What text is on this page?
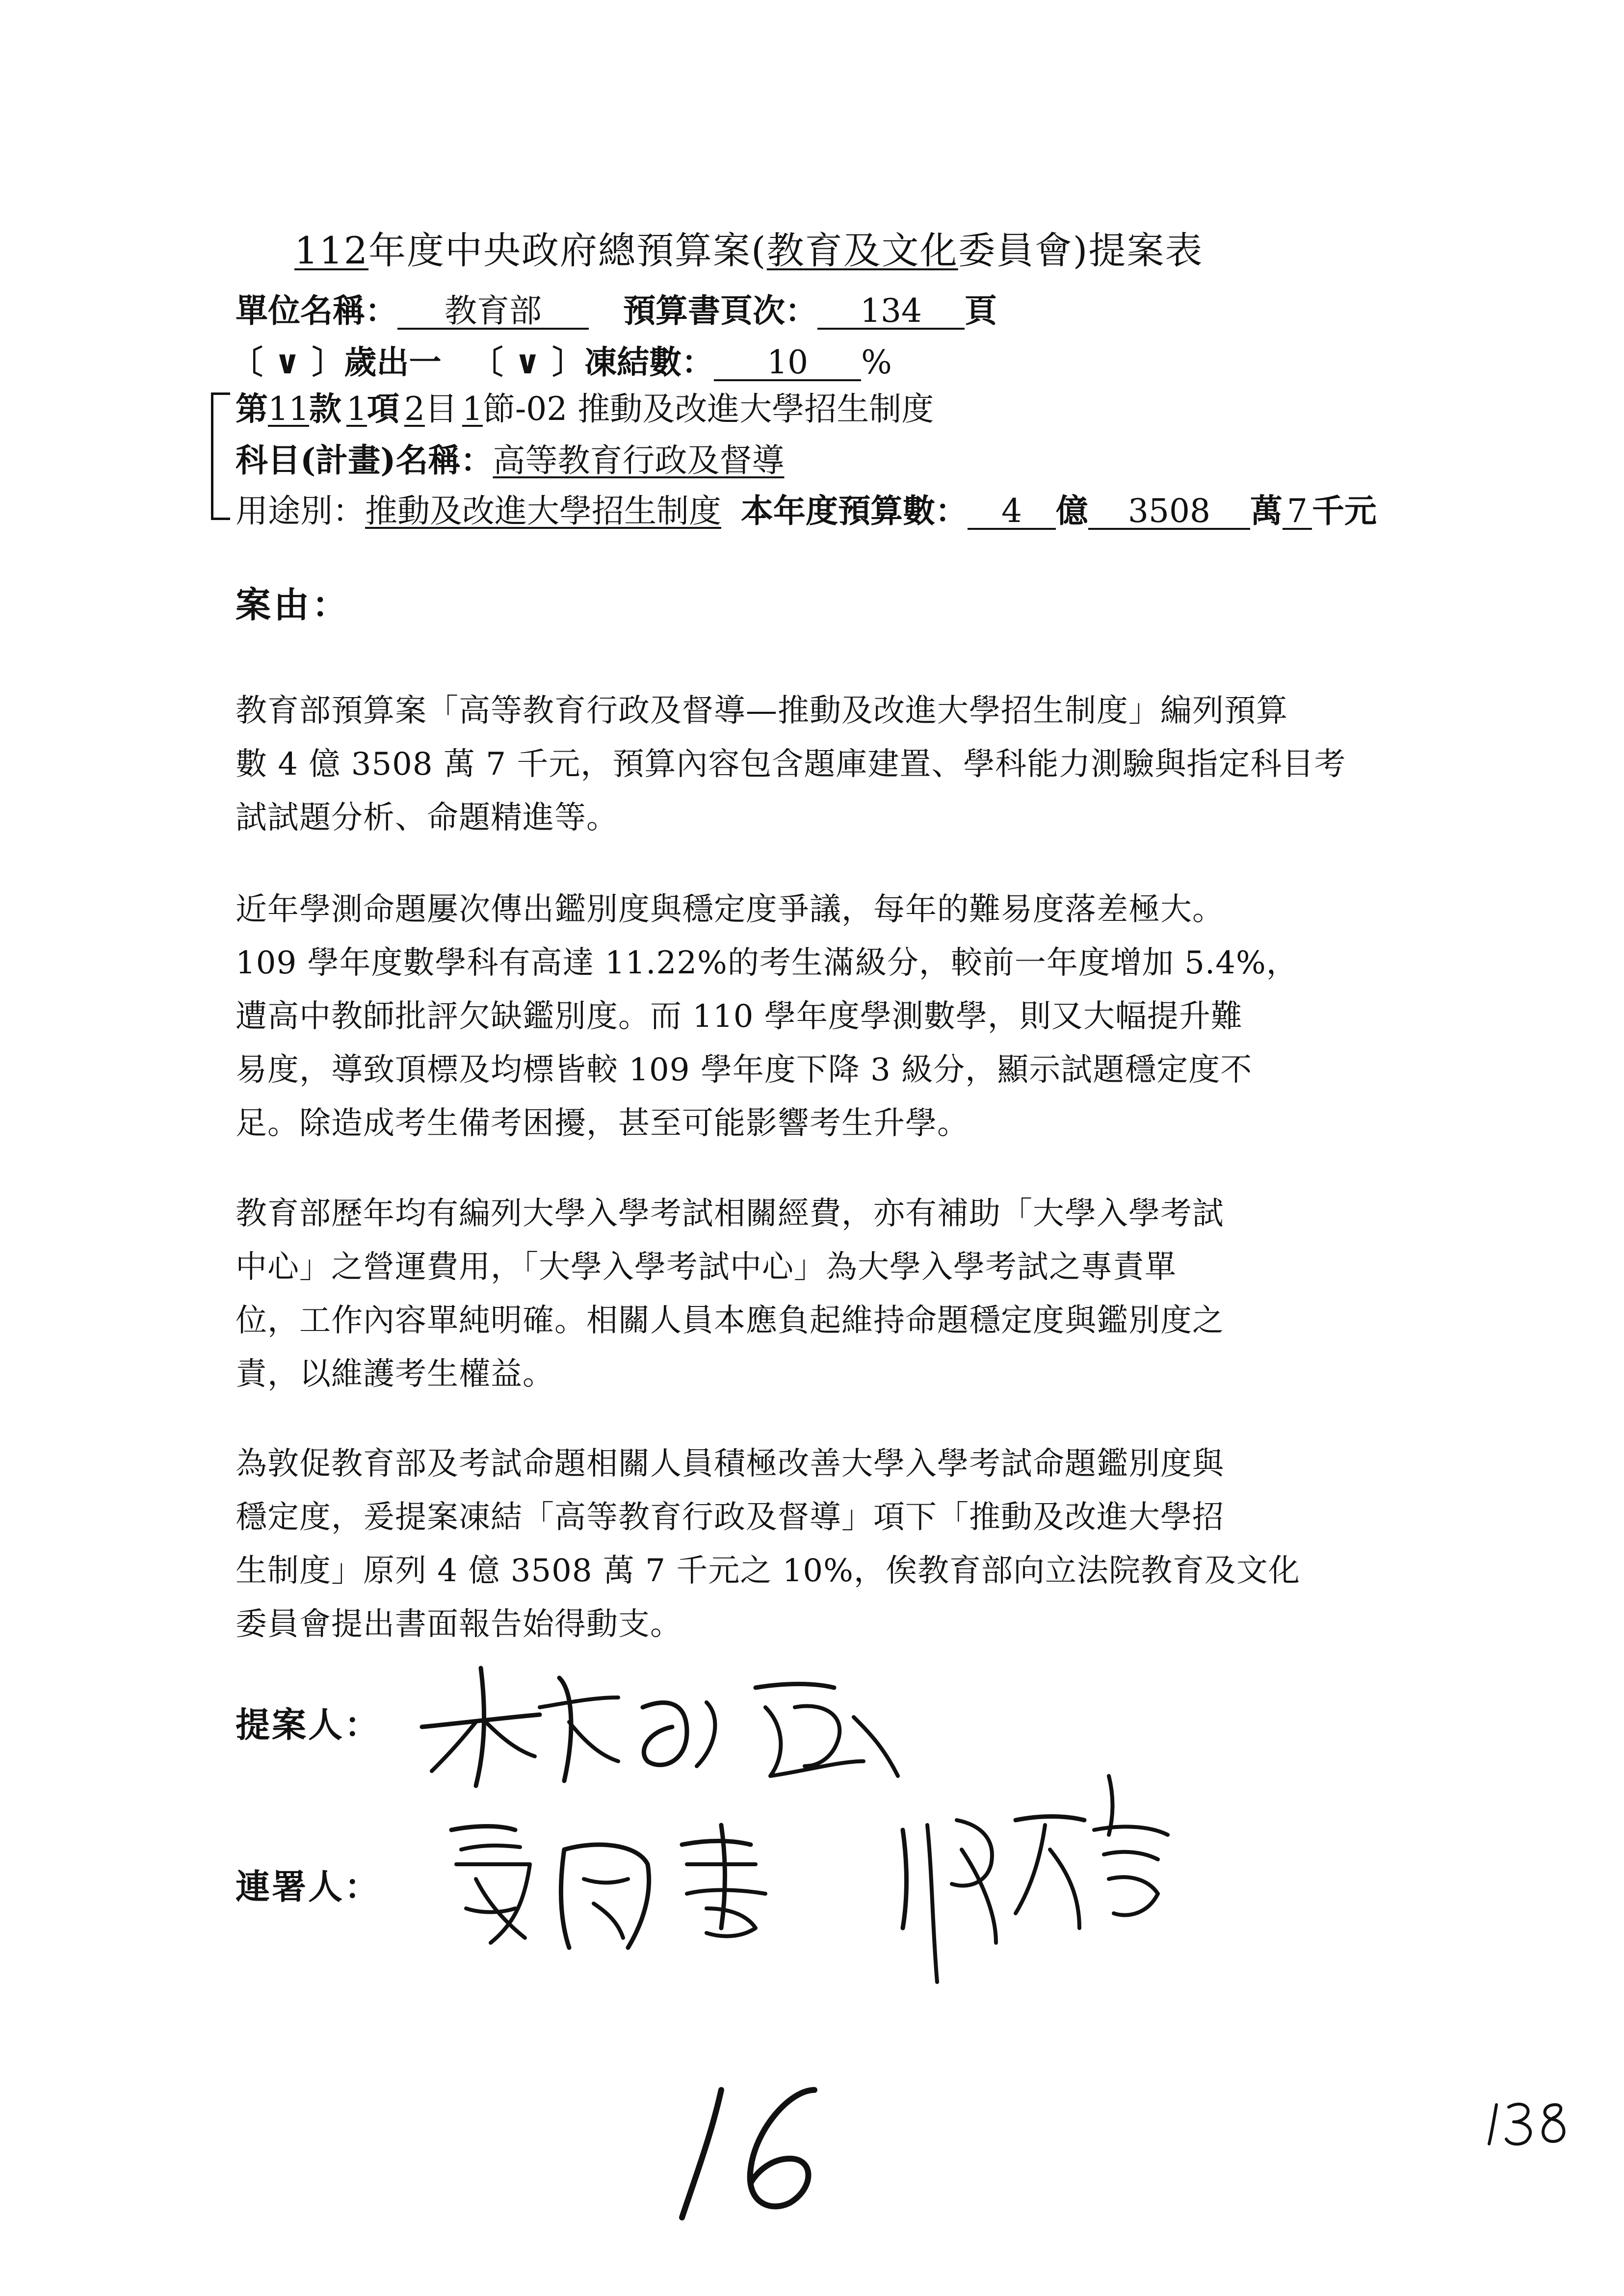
112年度中央政府總預算案(教育及文化委員會)提案表
單位名稱： 教育部	預算書頁次： 134 頁
〔 ∨ 〕歲出一 〔 ∨ 〕凍結數： 10 %
第11款 1項 2目 1節-02 推動及改進大學招生制度
科目(計畫)名稱：高等教育行政及督導
用途別：推動及改進大學招生制度 本年度預算數： 4 億 3508 萬 7 千元
案由：
教育部預算案「高等教育行政及督導—推動及改進大學招生制度」編列預算
數 4 億 3508 萬 7 千元，預算內容包含題庫建置、學科能力測驗與指定科目考
試試題分析、命題精進等。
近年學測命題屢次傳出鑑別度與穩定度爭議，每年的難易度落差極大。
109 學年度數學科有高達 11.22%的考生滿級分，較前一年度增加 5.4%，
遭高中教師批評欠缺鑑別度。而 110 學年度學測數學，則又大幅提升難
易度，導致頂標及均標皆較 109 學年度下降 3 級分，顯示試題穩定度不
足。除造成考生備考困擾，甚至可能影響考生升學。
教育部歷年均有編列大學入學考試相關經費，亦有補助「大學入學考試
中心」之營運費用，「大學入學考試中心」為大學入學考試之專責單
位，工作內容單純明確。相關人員本應負起維持命題穩定度與鑑別度之
責，以維護考生權益。
為敦促教育部及考試命題相關人員積極改善大學入學考試命題鑑別度與
穩定度，爰提案凍結「高等教育行政及督導」項下「推動及改進大學招
生制度」原列 4 億 3508 萬 7 千元之 10%，俟教育部向立法院教育及文化
委員會提出書面報告始得動支。
提案人：
連署人：
